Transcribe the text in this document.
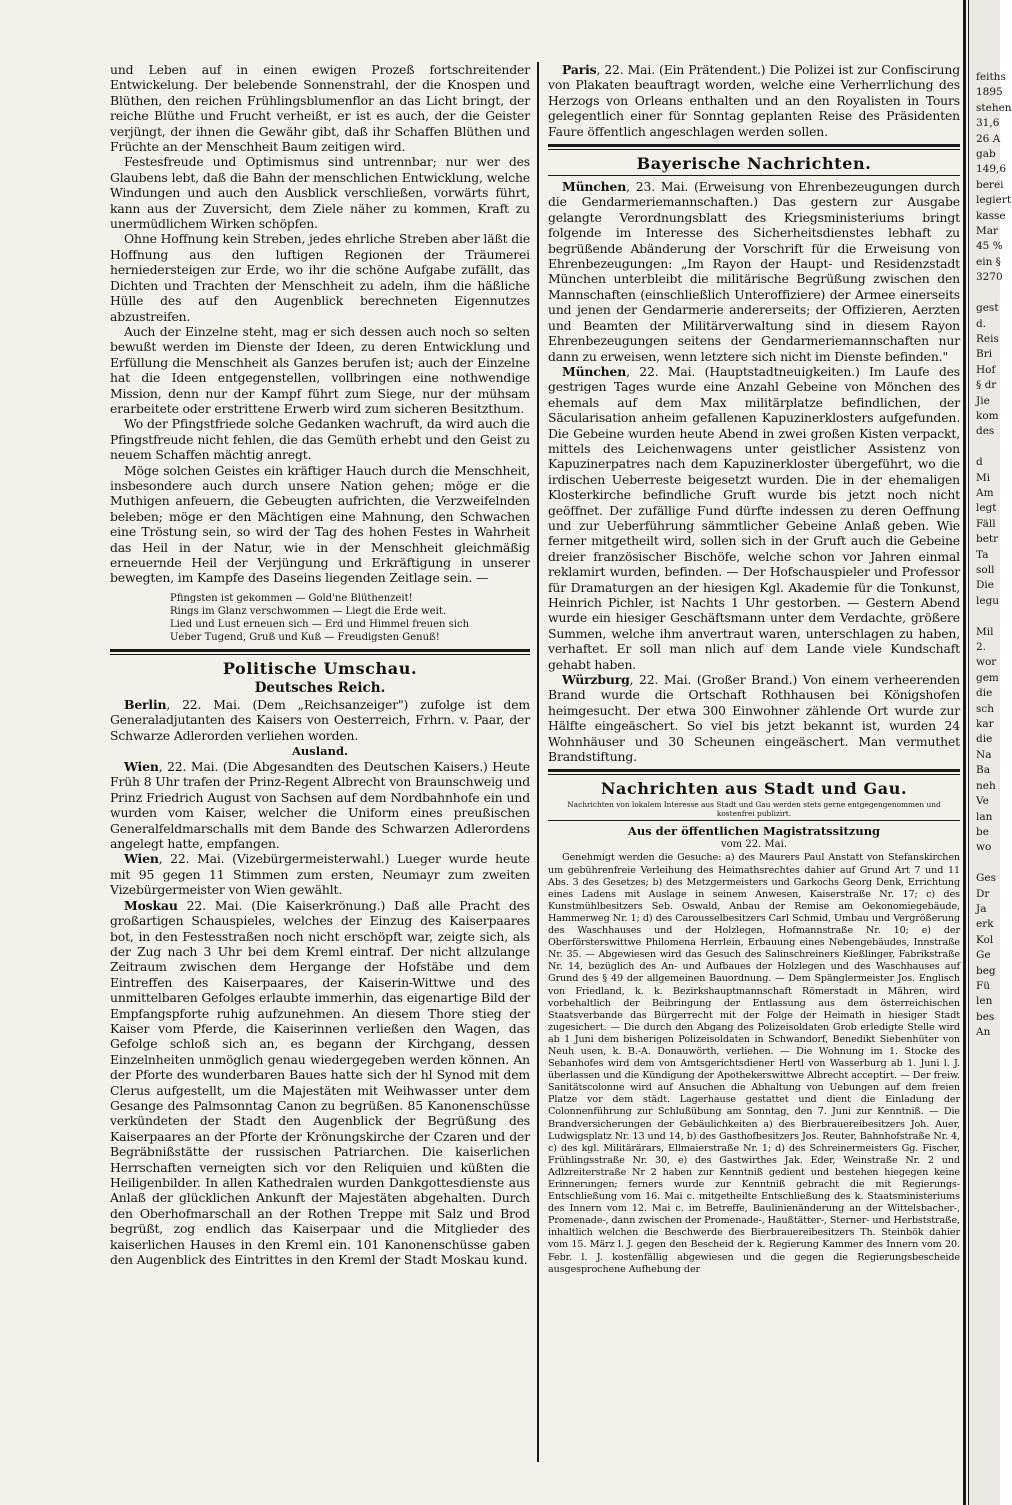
und Leben auf in einen ewigen Prozeß fortschreitender Entwickelung. Der belebende Sonnenstrahl, der die Knospen und Blüthen, den reichen Frühlingsblumenflor an das Licht bringt, der reiche Blüthe und Frucht verheißt, er ist es auch, der die Geister verjüngt, der ihnen die Gewähr gibt, daß ihr Schaffen Blüthen und Früchte an der Menschheit Baum zeitigen wird.

Festesfreude und Optimismus sind untrennbar; nur wer des Glaubens lebt, daß die Bahn der menschlichen Entwicklung, welche Windungen und auch den Ausblick verschließen, vorwärts führt, kann aus der Zuversicht, dem Ziele näher zu kommen, Kraft zu unermüdlichem Wirken schöpfen.

Ohne Hoffnung kein Streben, jedes ehrliche Streben aber läßt die Hoffnung aus den luftigen Regionen der Träumerei herniedersteigen zur Erde, wo ihr die schöne Aufgabe zufällt, das Dichten und Trachten der Menschheit zu adeln, ihm die häßliche Hülle des auf den Augenblick berechneten Eigennutzes abzustreifen.

Auch der Einzelne steht, mag er sich dessen auch noch so selten bewußt werden im Dienste der Ideen, zu deren Entwicklung und Erfüllung die Menschheit als Ganzes berufen ist; auch der Einzelne hat die Ideen entgegenstellen, vollbringen eine nothwendige Mission, denn nur der Kampf führt zum Siege, nur der mühsam erarbeitete oder erstrittene Erwerb wird zum sicheren Besitzthum.

Wo der Pfingstfriede solche Gedanken wachruft, da wird auch die Pfingstfreude nicht fehlen, die das Gemüth erhebt und den Geist zu neuem Schaffen mächtig anregt.

Möge solchen Geistes ein kräftiger Hauch durch die Menschheit, insbesondere auch durch unsere Nation gehen; möge er die Muthigen anfeuern, die Gebeugten aufrichten, die Verzweifelnden beleben; möge er den Mächtigen eine Mahnung, den Schwachen eine Tröstung sein, so wird der Tag des hohen Festes in Wahrheit das Heil in der Natur, wie in der Menschheit gleichmäßig erneuernde Heil der Verjüngung und Erkräftigung in unserer bewegten, im Kampfe des Daseins liegenden Zeitlage sein. —

Pfingsten ist gekommen — Gold'ne Blüthenzeit!
Rings im Glanz verschwommen — Liegt die Erde weit.
Lied und Lust erneuen sich — Erd und Himmel freuen sich
Ueber Tugend, Gruß und Kuß — Freudigsten Genuß!
Politische Umschau.
Deutsches Reich.

Berlin, 22. Mai. (Dem „Reichsanzeiger") zufolge ist dem Generaladjutanten des Kaisers von Oesterreich, Frhrn. v. Paar, der Schwarze Adlerorden verliehen worden.

Ausland.

Wien, 22. Mai. (Die Abgesandten des Deutschen Kaisers.) Heute Früh 8 Uhr trafen der Prinz-Regent Albrecht von Braunschweig und Prinz Friedrich August von Sachsen auf dem Nordbahnhofe ein und wurden vom Kaiser, welcher die Uniform eines preußischen Generalfeldmarschalls mit dem Bande des Schwarzen Adlerordens angelegt hatte, empfangen.

Wien, 22. Mai. (Vizebürgermeisterwahl.) Lueger wurde heute mit 95 gegen 11 Stimmen zum ersten, Neumayr zum zweiten Vizebürgermeister von Wien gewählt.

Moskau 22. Mai. (Die Kaiserkrönung.) Daß alle Pracht des großartigen Schauspieles, welches der Einzug des Kaiserpaares bot, in den Festesstraßen noch nicht erschöpft war, zeigte sich, als der Zug nach 3 Uhr bei dem Kreml eintraf. Der nicht allzulange Zeitraum zwischen dem Hergange der Hofstäbe und dem Eintreffen des Kaiserpaares, der Kaiserin-Wittwe und des unmittelbaren Gefolges erlaubte immerhin, das eigenartige Bild der Empfangspforte ruhig aufzunehmen. An diesem Thore stieg der Kaiser vom Pferde, die Kaiserinnen verließen den Wagen, das Gefolge schloß sich an, es begann der Kirchgang, dessen Einzelnheiten unmöglich genau wiedergegeben werden können. An der Pforte des wunderbaren Baues hatte sich der hl Synod mit dem Clerus aufgestellt, um die Majestäten mit Weihwasser unter dem Gesange des Palmsonntag Canon zu begrüßen. 85 Kanonenschüsse verkündeten der Stadt den Augenblick der Begrüßung des Kaiserpaares an der Pforte der Krönungskirche der Czaren und der Begräbnißstätte der russischen Patriarchen. Die kaiserlichen Herrschaften verneigten sich vor den Reliquien und küßten die Heiligenbilder. In allen Kathedralen wurden Dankgottesdienste aus Anlaß der glücklichen Ankunft der Majestäten abgehalten. Durch den Oberhofmarschall an der Rothen Treppe mit Salz und Brod begrüßt, zog endlich das Kaiserpaar und die Mitglieder des kaiserlichen Hauses in den Kreml ein. 101 Kanonenschüsse gaben den Augenblick des Eintrittes in den Kreml der Stadt Moskau kund.

Paris, 22. Mai. (Ein Prätendent.) Die Polizei ist zur Confiscirung von Plakaten beauftragt worden, welche eine Verherrlichung des Herzogs von Orleans enthalten und an den Royalisten in Tours gelegentlich einer für Sonntag geplanten Reise des Präsidenten Faure öffentlich angeschlagen werden sollen.

Bayerische Nachrichten.

München, 23. Mai. (Erweisung von Ehrenbezeugungen durch die Gendarmeriemannschaften.) Das gestern zur Ausgabe gelangte Verordnungsblatt des Kriegsministeriums bringt folgende im Interesse des Sicherheitsdienstes lebhaft zu begrüßende Abänderung der Vorschrift für die Erweisung von Ehrenbezeugungen: „Im Rayon der Haupt- und Residenzstadt München unterbleibt die militärische Begrüßung zwischen den Mannschaften (einschließlich Unteroffiziere) der Armee einerseits und jenen der Gendarmerie andererseits; der Offizieren, Aerzten und Beamten der Militärverwaltung sind in diesem Rayon Ehrenbezeugungen seitens der Gendarmeriemannschaften nur dann zu erweisen, wenn letztere sich nicht im Dienste befinden."

München, 22. Mai. (Hauptstadtneuigkeiten.) Im Laufe des gestrigen Tages wurde eine Anzahl Gebeine von Mönchen des ehemals auf dem Max militärplatze befindlichen, der Säcularisation anheim gefallenen Kapuzinerklosters aufgefunden. Die Gebeine wurden heute Abend in zwei großen Kisten verpackt, mittels des Leichenwagens unter geistlicher Assistenz von Kapuzinerpatres nach dem Kapuzinerkloster übergeführt, wo die irdischen Ueberreste beigesetzt wurden. Die in der ehemaligen Klosterkirche befindliche Gruft wurde bis jetzt noch nicht geöffnet. Der zufällige Fund dürfte indessen zu deren Oeffnung und zur Ueberführung sämmtlicher Gebeine Anlaß geben. Wie ferner mitgetheilt wird, sollen sich in der Gruft auch die Gebeine dreier französischer Bischöfe, welche schon vor Jahren einmal reklamirt wurden, befinden. — Der Hofschauspieler und Professor für Dramaturgen an der hiesigen Kgl. Akademie für die Tonkunst, Heinrich Pichler, ist Nachts 1 Uhr gestorben. — Gestern Abend wurde ein hiesiger Geschäftsmann unter dem Verdachte, größere Summen, welche ihm anvertraut waren, unterschlagen zu haben, verhaftet. Er soll man nlich auf dem Lande viele Kundschaft gehabt haben.

Würzburg, 22. Mai. (Großer Brand.) Von einem verheerenden Brand wurde die Ortschaft Rothhausen bei Königshofen heimgesucht. Der etwa 300 Einwohner zählende Ort wurde zur Hälfte eingeäschert. So viel bis jetzt bekannt ist, wurden 24 Wohnhäuser und 30 Scheunen eingeäschert. Man vermuthet Brandstiftung.

Nachrichten aus Stadt und Gau.
Nachrichten von lokalem Interesse aus Stadt und Gau werden stets gerne entgegengenommen und kostenfrei publizirt.
Aus der öffentlichen Magistratssitzung
vom 22. Mai.

Genehmigt werden die Gesuche: a) des Maurers Paul Anstatt von Stefanskirchen um gebührenfreie Verleihung des Heimathsrechtes dahier auf Grund Art 7 und 11 Abs. 3 des Gesetzes; b) des Metzgermeisters und Garkochs Georg Denk, Errichtung eines Ladens mit Auslage in seinem Anwesen, Kaiserstraße Nr. 17; c) des Kunstmühlbesitzers Seb. Oswald, Anbau der Remise am Oekonomiegebäude, Hammerweg Nr. 1; d) des Carousselbesitzers Carl Schmid, Umbau und Vergrößerung des Waschhauses und der Holzlegen, Hofmannstraße Nr. 10; e) der Oberförsterswittwe Philomena Herrlein, Erbauung eines Nebengebäudes, Innstraße Nr. 35. — Abgewiesen wird das Gesuch des Salinschreiners Kießlinger, Fabrikstraße Nr. 14, bezüglich des An- und Aufbaues der Holzlegen und des Waschhauses auf Grund des § 49 der allgemeinen Bauordnung. — Dem Spänglermeister Jos. Englisch von Friedland, k. k. Bezirkshauptmannschaft Römerstadt in Mähren, wird vorbehaltlich der Beibringung der Entlassung aus dem österreichischen Staatsverbande das Bürgerrecht mit der Folge der Heimath in hiesiger Stadt zugesichert. — Die durch den Abgang des Polizeisoldaten Grob erledigte Stelle wird ab 1 Juni dem bisherigen Polizeisoldaten in Schwandorf, Benedikt Siebenhüter von Neuh usen, k. B.-A. Donauwörth, verliehen. — Die Wohnung im 1. Stocke des Sebanhofes wird dem von Amtsgerichtsdiener Hertl von Wasserburg ab 1. Juni l. J. überlassen und die Kündigung der Apothekerswittwe Albrecht acceptirt. — Der freiw. Sanitätscolonne wird auf Ansuchen die Abhaltung von Uebungen auf dem freien Platze vor dem städt. Lagerhause gestattet und dient die Einladung der Colonnenführung zur Schlußübung am Sonntag, den 7. Juni zur Kenntniß. — Die Brandversicherungen der Gebäulichkeiten a) des Bierbrauereibesitzers Joh. Auer, Ludwigsplatz Nr. 13 und 14, b) des Gasthofbesitzers Jos. Reuter, Bahnhofstraße Nr. 4, c) des kgl. Militärärars, Ellmaierstraße Nr. 1; d) des Schreinermeisters Gg. Fischer, Frühlingsstraße Nr. 30, e) des Gastwirthes Jak. Eder, Weinstraße Nr. 2 und Adlzreiterstraße Nr 2 haben zur Kenntniß gedient und bestehen hiegegen keine Erinnerungen; ferners wurde zur Kenntniß gebracht die mit Regierungs-Entschließung vom 16. Mai c. mitgetheilte Entschließung des k. Staatsministeriums des Innern vom 12. Mai c. im Betreffe, Baulinienänderung an der Wittelsbacher-, Promenade-, dann zwischen der Promenade-, Haußtätter-, Sterner- und Herbststraße, inhaltlich welchen die Beschwerde des Bierbrauereibesitzers Th. Steinbök dahier vom 15. März l. J. gegen den Bescheid der k. Regierung Kammer des Innern vom 20. Febr. l. J. kostenfällig abgewiesen und die gegen die Regierungsbescheide ausgesprochene Aufhebung der

feiths
1895
stehen
31,6
26 A
gab
149,6
berei
legiert
kasse
Mar
45 %
ein §
3270

gest
d.
Reis
Bri
Hof
§ dr
Jie
kom
des

d
Mi
Am
legt
Fäll
betr
Ta
soll
Die
legu

Mil
2.
wor
gem
die
sch
kar
die
Na
Ba
neh
Ve
lan
be
wo

Ges
Dr
Ja
erk
Kol
Ge
beg
Fü
len
bes
An
